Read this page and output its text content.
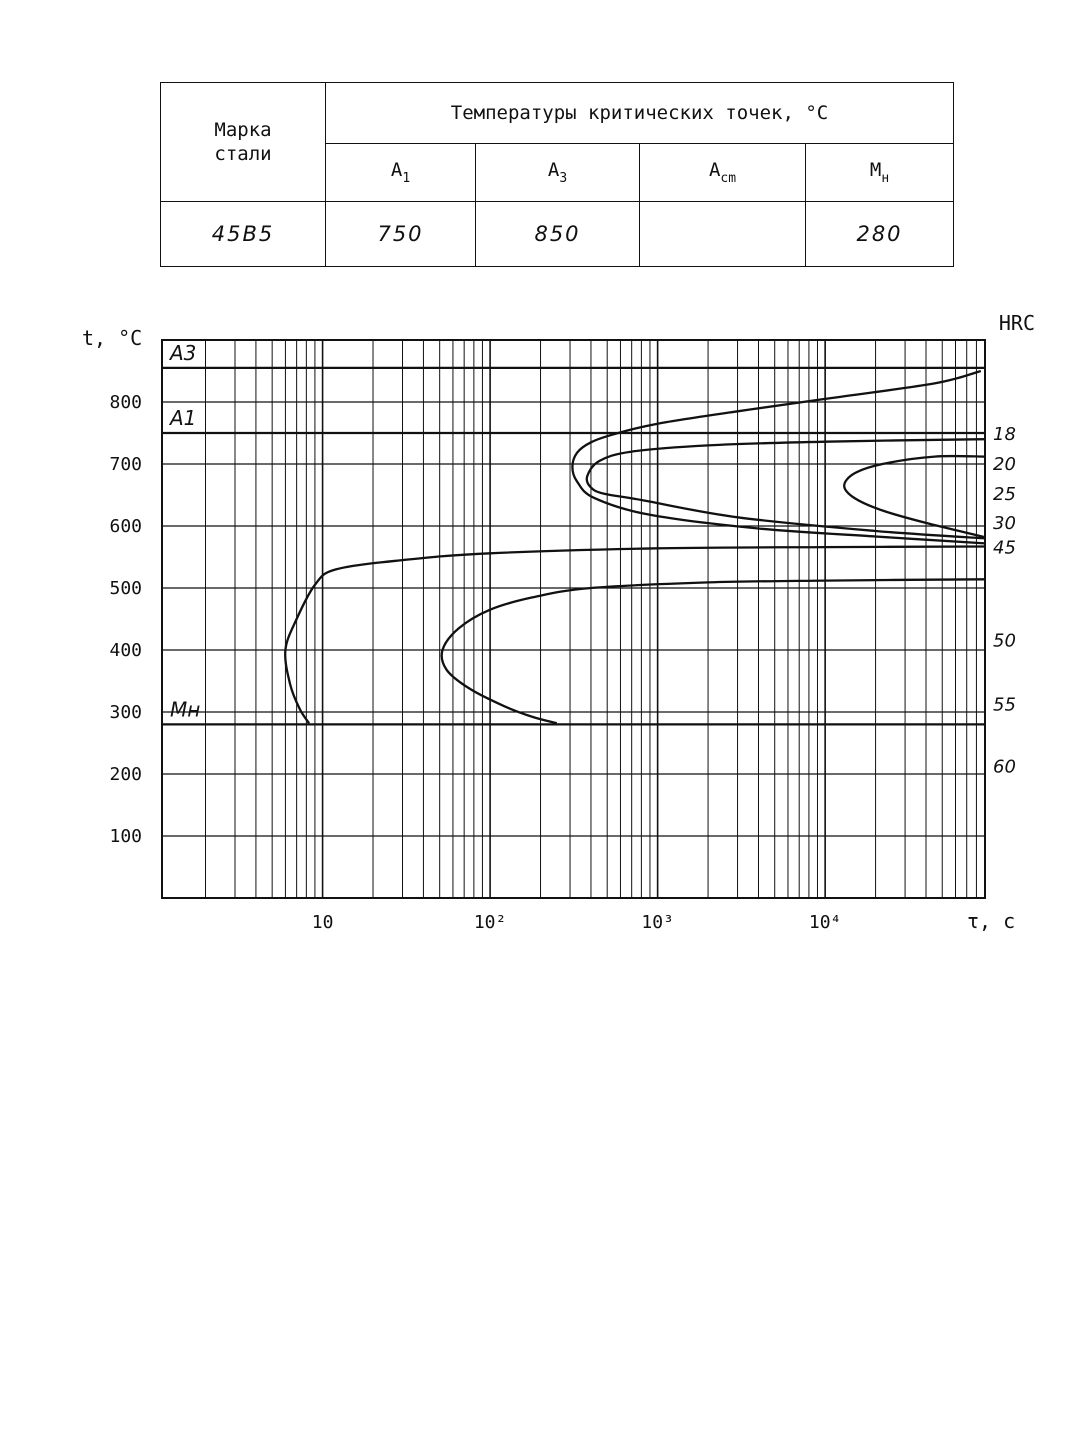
Марка стали	Температуры критических точек, °С			
	$A_1$	$A_3$	$A_{cm}$	$M_н$
45В5	750	850		280
A3
A1
Mн
100
200
300
400
500
600
700
800
10	10²	10³	10⁴
t, °С
τ, с
HRC
18
20
25
30
45
50
55
60
